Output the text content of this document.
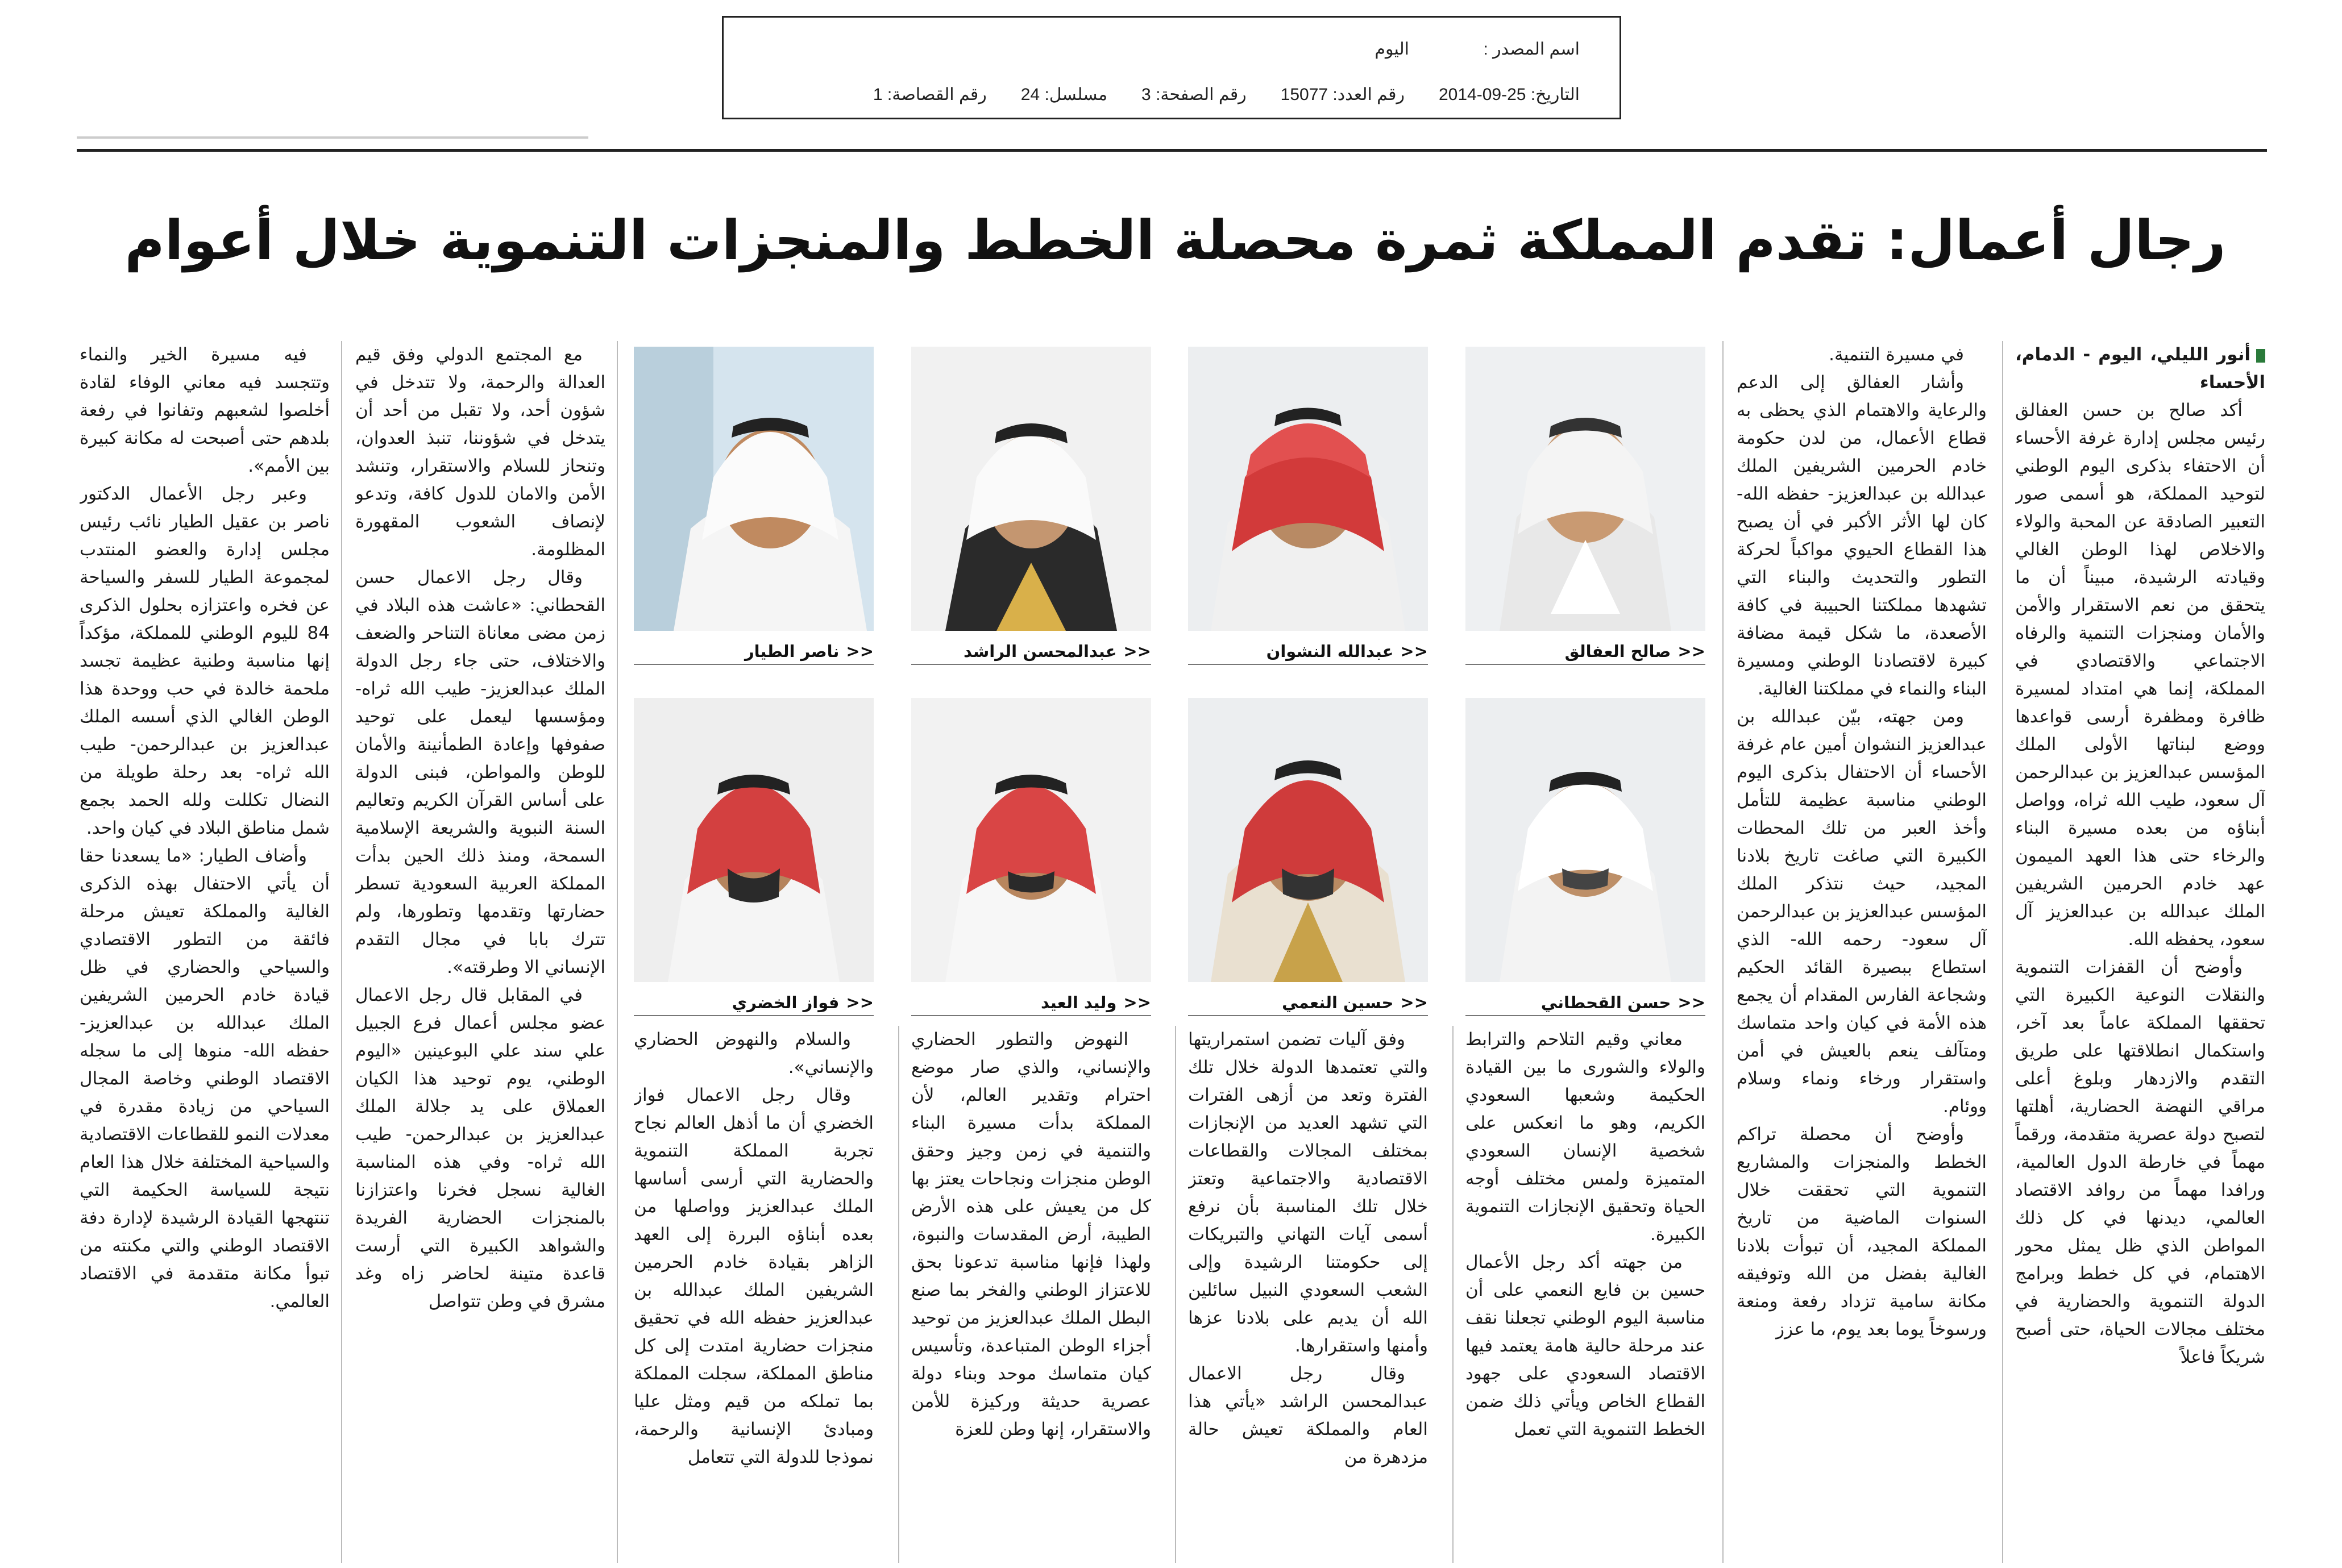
اسم المصدر :
اليوم
التاريخ: 25-09-2014
رقم العدد: 15077
رقم الصفحة: 3
مسلسل: 24
رقم القصاصة: 1
رجال أعمال: تقدم المملكة ثمرة محصلة الخطط والمنجزات التنموية خلال أعوام

أنور الليلي، اليوم - الدمام، الأحساء

أكد صالح بن حسن العفالق رئيس مجلس إدارة غرفة الأحساء أن الاحتفاء بذكرى اليوم الوطني لتوحيد المملكة، هو أسمى صور التعبير الصادقة عن المحبة والولاء والاخلاص لهذا الوطن الغالي وقيادته الرشيدة، مبيناً أن ما يتحقق من نعم الاستقرار والأمن والأمان ومنجزات التنمية والرفاه الاجتماعي والاقتصادي في المملكة، إنما هي امتداد لمسيرة ظافرة ومظفرة أرسى قواعدها ووضع لبناتها الأولى الملك المؤسس عبدالعزيز بن عبدالرحمن آل سعود، طيب الله ثراه، وواصل أبناؤه من بعده مسيرة البناء والرخاء حتى هذا العهد الميمون عهد خادم الحرمين الشريفين الملك عبدالله بن عبدالعزيز آل سعود، يحفظه الله.

وأوضح أن القفزات التنموية والنقلات النوعية الكبيرة التي تحققها المملكة عاماً بعد آخر، واستكمال انطلاقتها على طريق التقدم والازدهار وبلوغ أعلى مراقي النهضة الحضارية، أهلتها لتصبح دولة عصرية متقدمة، ورقماً مهماً في خارطة الدول العالمية، ورافدا مهماً من روافد الاقتصاد العالمي، ديدنها في كل ذلك المواطن الذي ظل يمثل محور الاهتمام، في كل خطط وبرامج الدولة التنموية والحضارية في مختلف مجالات الحياة، حتى أصبح شريكاً فاعلاً

في مسيرة التنمية.

وأشار العفالق إلى الدعم والرعاية والاهتمام الذي يحظى به قطاع الأعمال، من لدن حكومة خادم الحرمين الشريفين الملك عبدالله بن عبدالعزيز- حفظه الله- كان لها الأثر الأكبر في أن يصبح هذا القطاع الحيوي مواكباً لحركة التطور والتحديث والبناء التي تشهدها مملكتنا الحبيبة في كافة الأصعدة، ما شكل قيمة مضافة كبيرة لاقتصادنا الوطني ومسيرة البناء والنماء في مملكتنا الغالية.

ومن جهته، بيّن عبدالله بن عبدالعزيز النشوان أمين عام غرفة الأحساء أن الاحتفال بذكرى اليوم الوطني مناسبة عظيمة للتأمل وأخذ العبر من تلك المحطات الكبيرة التي صاغت تاريخ بلادنا المجيد، حيث نتذكر الملك المؤسس عبدالعزيز بن عبدالرحمن آل سعود- رحمه الله- الذي استطاع ببصيرة القائد الحكيم وشجاعة الفارس المقدام أن يجمع هذه الأمة في كيان واحد متماسك ومتآلف ينعم بالعيش في أمن واستقرار ورخاء ونماء وسلام ووئام.

وأوضح أن محصلة تراكم الخطط والمنجزات والمشاريع التنموية التي تحققت خلال السنوات الماضية من تاريخ المملكة المجيد، أن تبوأت بلادنا الغالية بفضل من الله وتوفيقه مكانة سامية تزداد رفعة ومنعة ورسوخاً يوما بعد يوم، ما عزز

<<صالح العفالق
<<عبدالله النشوان
<<عبدالمحسن الراشد
<<ناصر الطيار
<<حسن القحطاني
<<حسين النعمي
<<وليد العيد
<<فواز الخضري

معاني وقيم التلاحم والترابط والولاء والشورى ما بين القيادة الحكيمة وشعبها السعودي الكريم، وهو ما انعكس على شخصية الإنسان السعودي المتميزة ولمس مختلف أوجه الحياة وتحقيق الإنجازات التنموية الكبيرة.

من جهته أكد رجل الأعمال حسين بن فايع النعمي على أن مناسبة اليوم الوطني تجعلنا نقف عند مرحلة حالية هامة يعتمد فيها الاقتصاد السعودي على جهود القطاع الخاص ويأتي ذلك ضمن الخطط التنموية التي تعمل

وفق آليات تضمن استمراريتها والتي تعتمدها الدولة خلال تلك الفترة وتعد من أزهى الفترات التي تشهد العديد من الإنجازات بمختلف المجالات والقطاعات الاقتصادية والاجتماعية وتعتز خلال تلك المناسبة بأن نرفع أسمى آيات التهاني والتبريكات إلى حكومتنا الرشيدة وإلى الشعب السعودي النبيل سائلين الله أن يديم على بلادنا عزها وأمنها واستقرارها.

وقال رجل الاعمال عبدالمحسن الراشد «يأتي هذا العام والمملكة تعيش حالة مزدهرة من

النهوض والتطور الحضاري والإنساني، والذي صار موضع احترام وتقدير العالم، لأن المملكة بدأت مسيرة البناء والتنمية في زمن وجيز وحقق الوطن منجزات ونجاحات يعتز بها كل من يعيش على هذه الأرض الطيبة، أرض المقدسات والنبوة، ولهذا فإنها مناسبة تدعونا بحق للاعتزاز الوطني والفخر بما صنع البطل الملك عبدالعزيز من توحيد أجزاء الوطن المتباعدة، وتأسيس كيان متماسك موحد وبناء دولة عصرية حديثة وركيزة للأمن والاستقرار، إنها وطن للعزة

والسلام والنهوض الحضاري والإنساني».

وقال رجل الاعمال فواز الخضري أن ما أذهل العالم نجاح تجربة المملكة التنموية والحضارية التي أرسى أساسها الملك عبدالعزيز وواصلها من بعده أبناؤه البررة إلى العهد الزاهر بقيادة خادم الحرمين الشريفين الملك عبدالله بن عبدالعزيز حفظه الله في تحقيق منجزات حضارية امتدت إلى كل مناطق المملكة، سجلت المملكة بما تملكه من قيم ومثل عليا ومبادئ الإنسانية والرحمة، نموذجا للدولة التي تتعامل

مع المجتمع الدولي وفق قيم العدالة والرحمة، ولا تتدخل في شؤون أحد، ولا تقبل من أحد أن يتدخل في شؤوننا، تنبذ العدوان، وتنحاز للسلام والاستقرار، وتنشد الأمن والامان للدول كافة، وتدعو لإنصاف الشعوب المقهورة المظلومة.

وقال رجل الاعمال حسن القحطاني: «عاشت هذه البلاد في زمن مضى معاناة التناحر والضعف والاختلاف، حتى جاء رجل الدولة الملك عبدالعزيز- طيب الله ثراه- ومؤسسها ليعمل على توحيد صفوفها وإعادة الطمأنينة والأمان للوطن والمواطن، فبنى الدولة على أساس القرآن الكريم وتعاليم السنة النبوية والشريعة الإسلامية السمحة، ومنذ ذلك الحين بدأت المملكة العربية السعودية تسطر حضارتها وتقدمها وتطورها، ولم تترك بابا في مجال التقدم الإنساني الا وطرقته».

في المقابل قال رجل الاعمال عضو مجلس أعمال فرع الجبيل علي سند علي البوعينين «اليوم الوطني، يوم توحيد هذا الكيان العملاق على يد جلالة الملك عبدالعزيز بن عبدالرحمن- طيب الله ثراه- وفي هذه المناسبة الغالية نسجل فخرنا واعتزازنا بالمنجزات الحضارية الفريدة والشواهد الكبيرة التي أرست قاعدة متينة لحاضر زاه وغد مشرق في وطن تتواصل

فيه مسيرة الخير والنماء وتتجسد فيه معاني الوفاء لقادة أخلصوا لشعبهم وتفانوا في رفعة بلدهم حتى أصبحت له مكانة كبيرة بين الأمم».

وعبر رجل الأعمال الدكتور ناصر بن عقيل الطيار نائب رئيس مجلس إدارة والعضو المنتدب لمجموعة الطيار للسفر والسياحة عن فخره واعتزازه بحلول الذكرى 84 لليوم الوطني للمملكة، مؤكداً إنها مناسبة وطنية عظيمة تجسد ملحمة خالدة في حب ووحدة هذا الوطن الغالي الذي أسسه الملك عبدالعزيز بن عبدالرحمن- طيب الله ثراه- بعد رحلة طويلة من النضال تكللت ولله الحمد بجمع شمل مناطق البلاد في كيان واحد.

وأضاف الطيار: «ما يسعدنا حقا أن يأتي الاحتفال بهذه الذكرى الغالية والمملكة تعيش مرحلة فائقة من التطور الاقتصادي والسياحي والحضاري في ظل قيادة خادم الحرمين الشريفين الملك عبدالله بن عبدالعزيز- حفظه الله- منوها إلى ما سجله الاقتصاد الوطني وخاصة المجال السياحي من زيادة مقدرة في معدلات النمو للقطاعات الاقتصادية والسياحية المختلفة خلال هذا العام نتيجة للسياسة الحكيمة التي تنتهجها القيادة الرشيدة لإدارة دفة الاقتصاد الوطني والتي مكنته من تبوأ مكانة متقدمة في الاقتصاد العالمي.
